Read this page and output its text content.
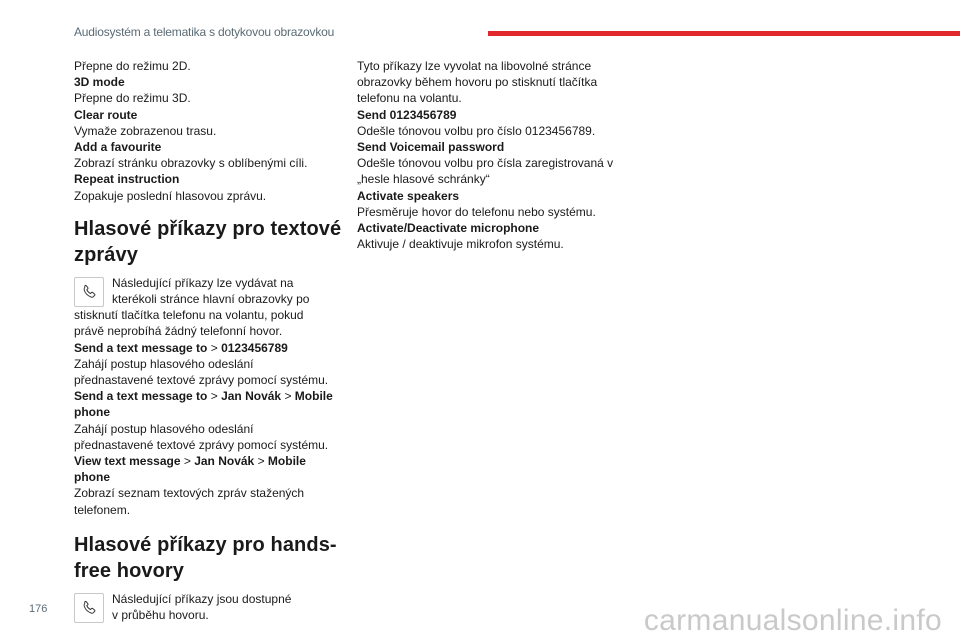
Audiosystém a telematika s dotykovou obrazovkou
Přepne do režimu 2D.
3D mode
Přepne do režimu 3D.
Clear route
Vymaže zobrazenou trasu.
Add a favourite
Zobrazí stránku obrazovky s oblíbenými cíli.
Repeat instruction
Zopakuje poslední hlasovou zprávu.
Hlasové příkazy pro textové
zprávy
Následující příkazy lze vydávat na
kterékoli stránce hlavní obrazovky po
stisknutí tlačítka telefonu na volantu, pokud
právě neprobíhá žádný telefonní hovor.
Send a text message to > 0123456789
Zahájí postup hlasového odeslání
přednastavené textové zprávy pomocí systému.
Send a text message to > Jan Novák > Mobile
phone
Zahájí postup hlasového odeslání
přednastavené textové zprávy pomocí systému.
View text message > Jan Novák > Mobile
phone
Zobrazí seznam textových zpráv stažených
telefonem.
Hlasové příkazy pro hands-
free hovory
Následující příkazy jsou dostupné
v průběhu hovoru.
Tyto příkazy lze vyvolat na libovolné stránce
obrazovky během hovoru po stisknutí tlačítka
telefonu na volantu.
Send 0123456789
Odešle tónovou volbu pro číslo 0123456789.
Send Voicemail password
Odešle tónovou volbu pro čísla zaregistrovaná v
„hesle hlasové schránky“
Activate speakers
Přesměruje hovor do telefonu nebo systému.
Activate/Deactivate microphone
Aktivuje / deaktivuje mikrofon systému.
176	carmanualsonline.info
